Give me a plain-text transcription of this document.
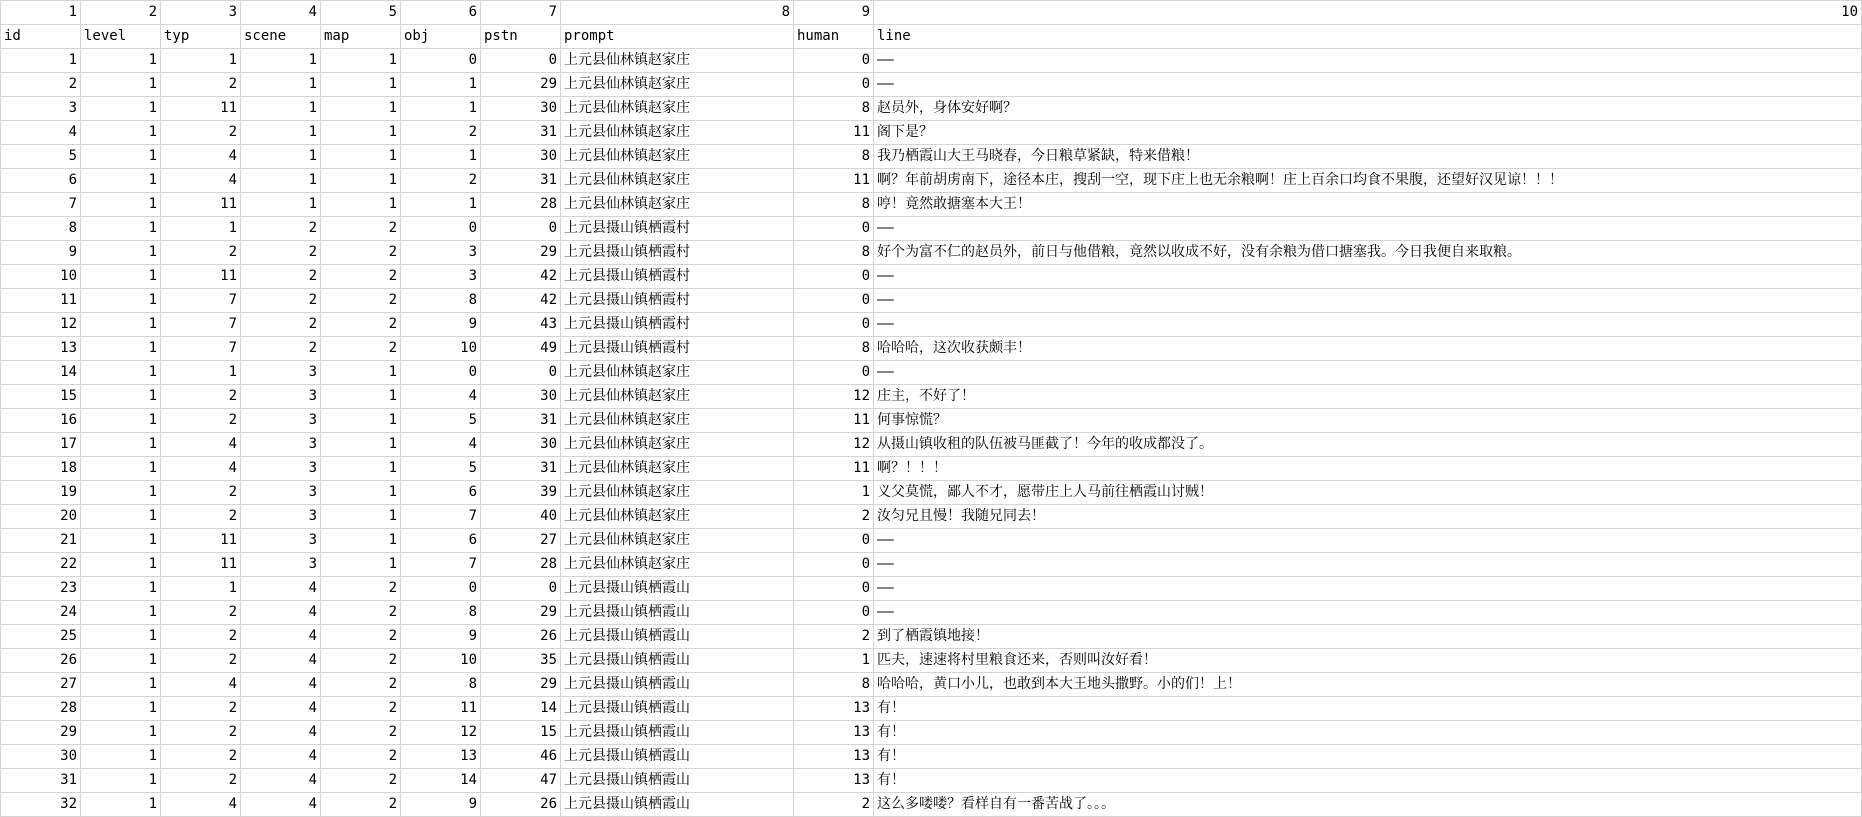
1	2	3	4	5	6	7	8	9	10
id	level	typ	scene	map	obj	pstn	prompt	human	line
1	1	1	1	1	0	0	上元县仙林镇赵家庄	0	——
2	1	2	1	1	1	29	上元县仙林镇赵家庄	0	——
3	1	11	1	1	1	30	上元县仙林镇赵家庄	8	赵员外，身体安好啊？
4	1	2	1	1	2	31	上元县仙林镇赵家庄	11	阁下是？
5	1	4	1	1	1	30	上元县仙林镇赵家庄	8	我乃栖霞山大王马晓春，今日粮草紧缺，特来借粮！
6	1	4	1	1	2	31	上元县仙林镇赵家庄	11	啊？年前胡虏南下，途径本庄，搜刮一空，现下庄上也无余粮啊！庄上百余口均食不果腹，还望好汉见谅！！！
7	1	11	1	1	1	28	上元县仙林镇赵家庄	8	哼！竟然敢搪塞本大王！
8	1	1	2	2	0	0	上元县摄山镇栖霞村	0	——
9	1	2	2	2	3	29	上元县摄山镇栖霞村	8	好个为富不仁的赵员外，前日与他借粮，竟然以收成不好，没有余粮为借口搪塞我。今日我便自来取粮。
10	1	11	2	2	3	42	上元县摄山镇栖霞村	0	——
11	1	7	2	2	8	42	上元县摄山镇栖霞村	0	——
12	1	7	2	2	9	43	上元县摄山镇栖霞村	0	——
13	1	7	2	2	10	49	上元县摄山镇栖霞村	8	哈哈哈，这次收获颇丰！
14	1	1	3	1	0	0	上元县仙林镇赵家庄	0	——
15	1	2	3	1	4	30	上元县仙林镇赵家庄	12	庄主，不好了！
16	1	2	3	1	5	31	上元县仙林镇赵家庄	11	何事惊慌？
17	1	4	3	1	4	30	上元县仙林镇赵家庄	12	从摄山镇收租的队伍被马匪截了！今年的收成都没了。
18	1	4	3	1	5	31	上元县仙林镇赵家庄	11	啊？！！！
19	1	2	3	1	6	39	上元县仙林镇赵家庄	1	义父莫慌，鄙人不才，愿带庄上人马前往栖霞山讨贼！
20	1	2	3	1	7	40	上元县仙林镇赵家庄	2	汝匀兄且慢！我随兄同去！
21	1	11	3	1	6	27	上元县仙林镇赵家庄	0	——
22	1	11	3	1	7	28	上元县仙林镇赵家庄	0	——
23	1	1	4	2	0	0	上元县摄山镇栖霞山	0	——
24	1	2	4	2	8	29	上元县摄山镇栖霞山	0	——
25	1	2	4	2	9	26	上元县摄山镇栖霞山	2	到了栖霞镇地接！
26	1	2	4	2	10	35	上元县摄山镇栖霞山	1	匹夫，速速将村里粮食还来，否则叫汝好看！
27	1	4	4	2	8	29	上元县摄山镇栖霞山	8	哈哈哈，黄口小儿，也敢到本大王地头撒野。小的们！上！
28	1	2	4	2	11	14	上元县摄山镇栖霞山	13	有！
29	1	2	4	2	12	15	上元县摄山镇栖霞山	13	有！
30	1	2	4	2	13	46	上元县摄山镇栖霞山	13	有！
31	1	2	4	2	14	47	上元县摄山镇栖霞山	13	有！
32	1	4	4	2	9	26	上元县摄山镇栖霞山	2	这么多喽喽？看样自有一番苦战了。。。
